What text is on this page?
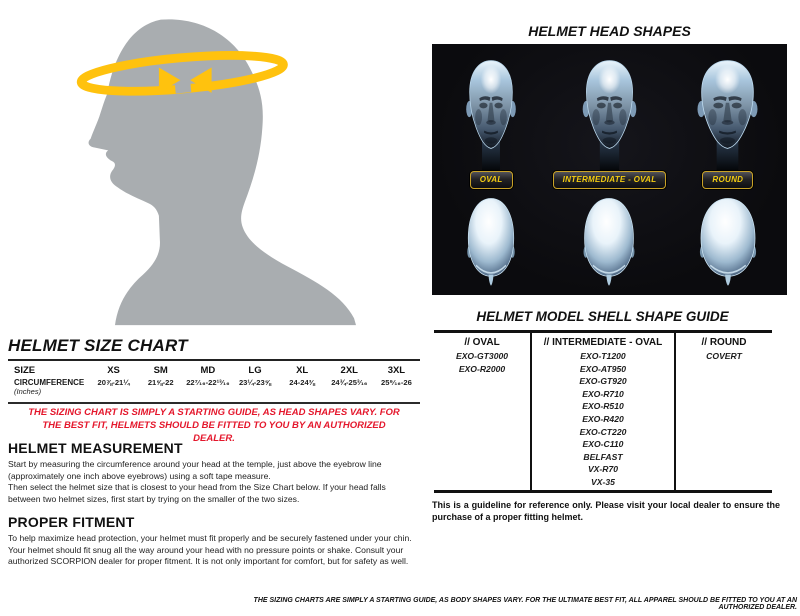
HELMET SIZE CHART
SIZE	XS	SM	MD	LG	XL	2XL	3XL
CIRCUMFERENCE
(Inches)
20⅞-21¼	21⅝-22	22⁷⁄₁₆-22¹³⁄₁₆	23¼-23⅝	24-24⅜	24¾-25³⁄₁₆	25⁹⁄₁₆-26
THE SIZING CHART IS SIMPLY A STARTING GUIDE, AS HEAD SHAPES VARY. FOR THE BEST FIT, HELMETS SHOULD BE FITTED TO YOU BY AN AUTHORIZED DEALER.
HELMET MEASUREMENT

Start by measuring the circumference around your head at the temple, just above the eyebrow line (approximately one inch above eyebrows) using a soft tape measure.

Then select the helmet size that is closest to your head from the Size Chart below. If your head falls between two helmet sizes, first start by trying on the smaller of the two sizes.

PROPER FITMENT

To help maximize head protection, your helmet must fit properly and be securely fastened under your chin. Your helmet should fit snug all the way around your head with no pressure points or shake. Consult your authorized SCORPION dealer for proper fitment. It is not only important for comfort, but for safety as well.

HELMET HEAD SHAPES
OVAL	INTERMEDIATE - OVAL	ROUND
HELMET MODEL SHELL SHAPE GUIDE
// OVAL
EXO-GT3000
EXO-R2000
// INTERMEDIATE - OVAL
EXO-T1200
EXO-AT950
EXO-GT920
EXO-R710
EXO-R510
EXO-R420
EXO-CT220
EXO-C110
BELFAST
VX-R70
VX-35
// ROUND
COVERT
This is a guideline for reference only. Please visit your local dealer to ensure the purchase of a proper fitting helmet.
THE SIZING CHARTS ARE SIMPLY A STARTING GUIDE, AS BODY SHAPES VARY. FOR THE ULTIMATE BEST FIT, ALL APPAREL SHOULD BE FITTED TO YOU AT AN AUTHORIZED DEALER.
